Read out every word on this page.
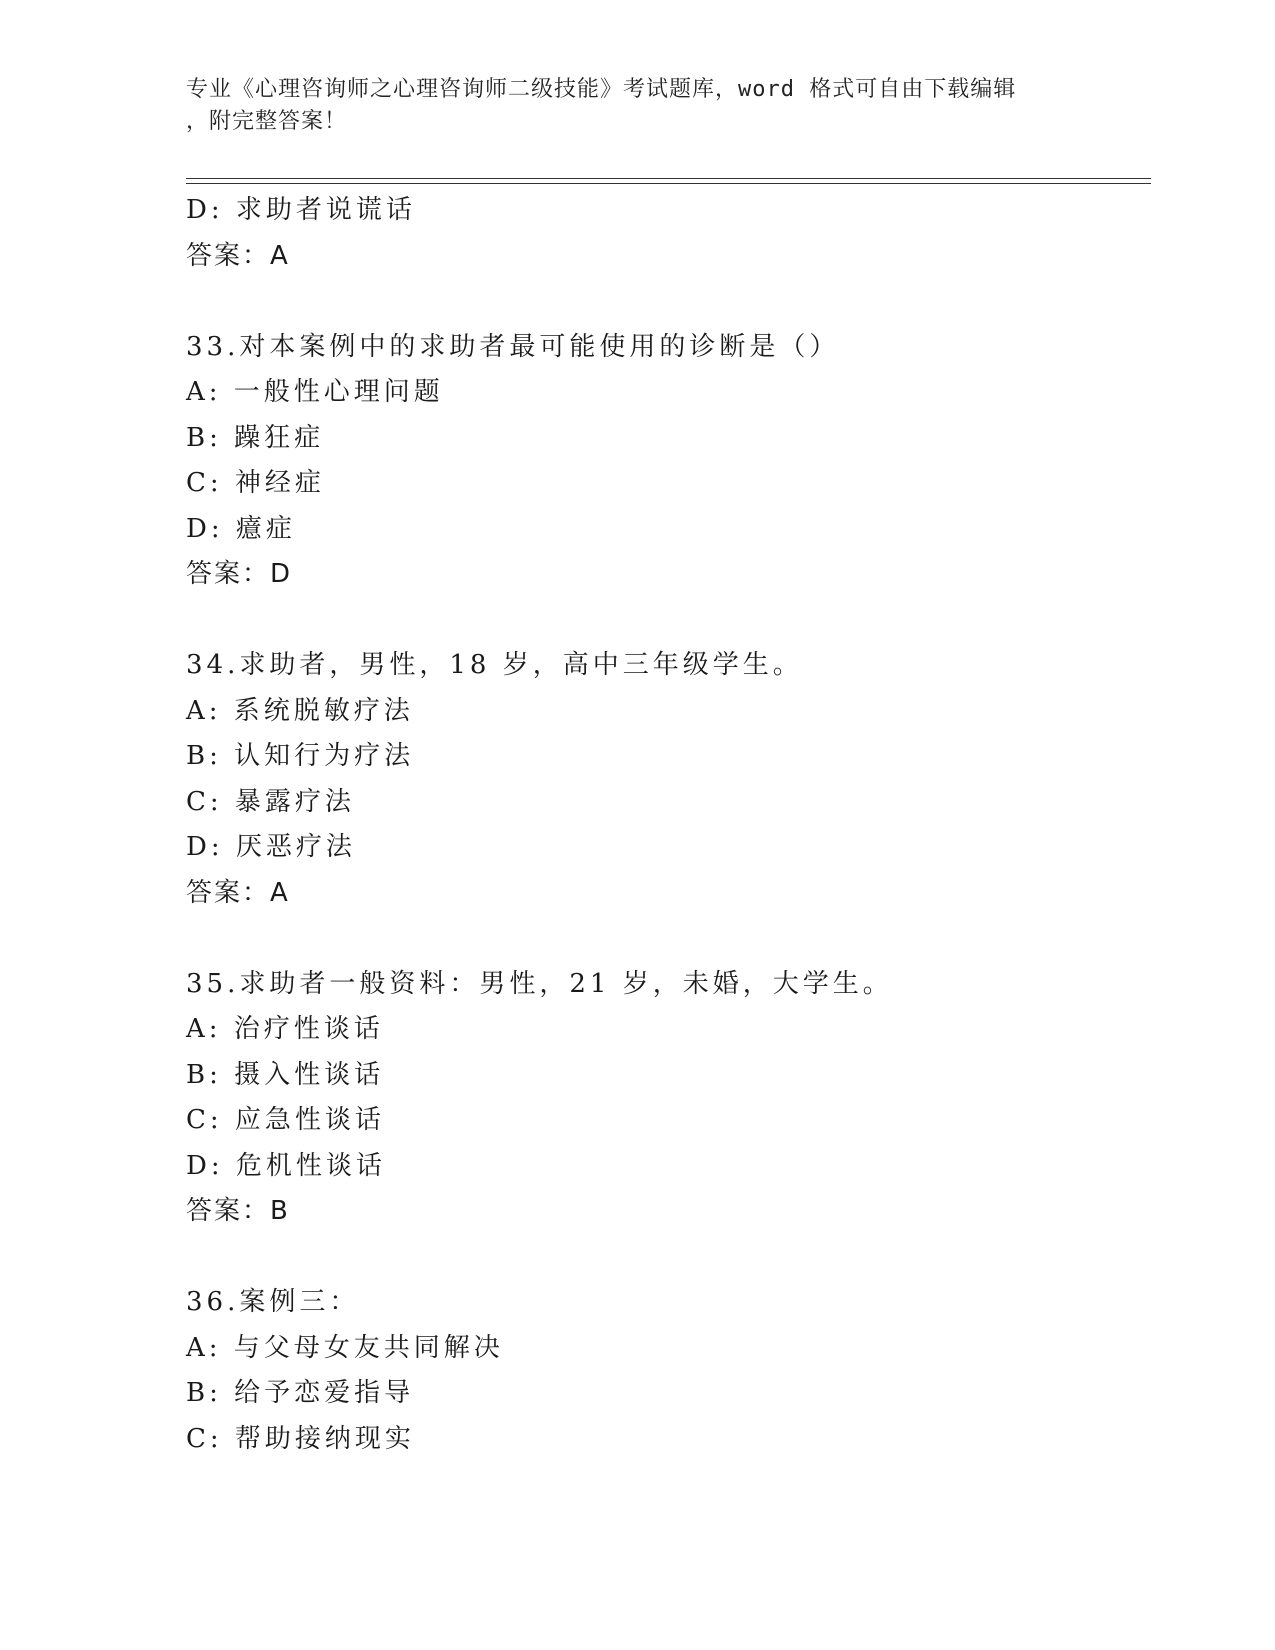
专业《心理咨询师之心理咨询师二级技能》考试题库，word 格式可自由下载编辑
，附完整答案！
D: 求助者说谎话
答案：A
33.对本案例中的求助者最可能使用的诊断是（）
A: 一般性心理问题
B: 躁狂症
C: 神经症
D: 癔症
答案：D
34.求助者，男性，18 岁，高中三年级学生。
A: 系统脱敏疗法
B: 认知行为疗法
C: 暴露疗法
D: 厌恶疗法
答案：A
35.求助者一般资料：男性，21 岁，未婚，大学生。
A: 治疗性谈话
B: 摄入性谈话
C: 应急性谈话
D: 危机性谈话
答案：B
36.案例三：
A: 与父母女友共同解决
B: 给予恋爱指导
C: 帮助接纳现实
